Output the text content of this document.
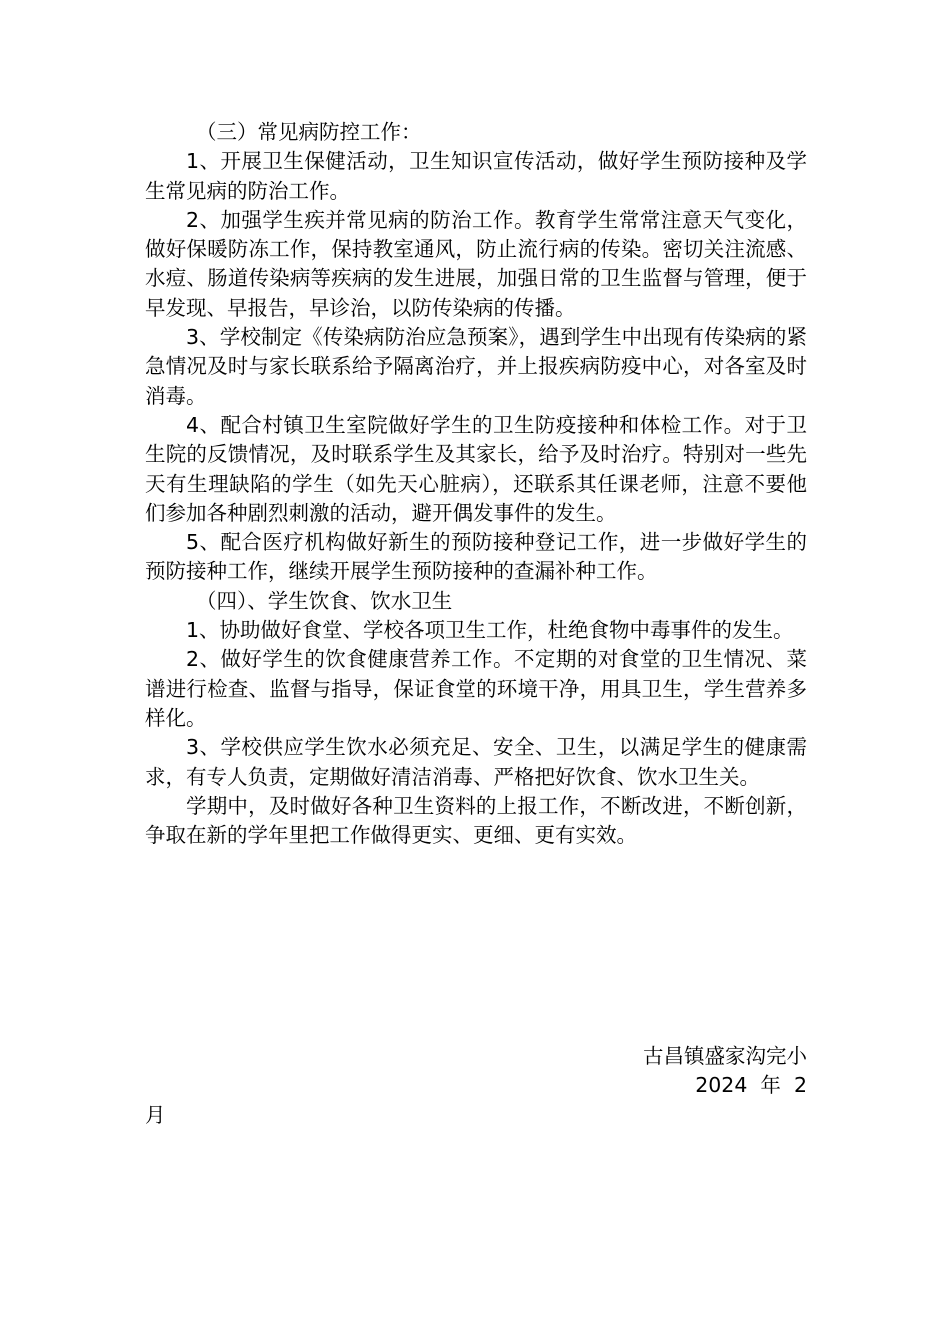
（三）常见病防控工作：

1、开展卫生保健活动，卫生知识宣传活动，做好学生预防接种及学生常见病的防治工作。

2、加强学生疾并常见病的防治工作。教育学生常常注意天气变化，做好保暖防冻工作，保持教室通风，防止流行病的传染。密切关注流感、水痘、肠道传染病等疾病的发生进展，加强日常的卫生监督与管理，便于早发现、早报告，早诊治，以防传染病的传播。

3、学校制定《传染病防治应急预案》，遇到学生中出现有传染病的紧急情况及时与家长联系给予隔离治疗，并上报疾病防疫中心，对各室及时消毒。

4、配合村镇卫生室院做好学生的卫生防疫接种和体检工作。对于卫生院的反馈情况，及时联系学生及其家长，给予及时治疗。特别对一些先天有生理缺陷的学生（如先天心脏病），还联系其任课老师，注意不要他们参加各种剧烈刺激的活动，避开偶发事件的发生。

5、配合医疗机构做好新生的预防接种登记工作，进一步做好学生的预防接种工作，继续开展学生预防接种的查漏补种工作。

（四）、学生饮食、饮水卫生

1、协助做好食堂、学校各项卫生工作，杜绝食物中毒事件的发生。

2、做好学生的饮食健康营养工作。不定期的对食堂的卫生情况、菜谱进行检查、监督与指导，保证食堂的环境干净，用具卫生，学生营养多样化。

3、学校供应学生饮水必须充足、安全、卫生，以满足学生的健康需求，有专人负责，定期做好清洁消毒、严格把好饮食、饮水卫生关。

学期中，及时做好各种卫生资料的上报工作，不断改进，不断创新，争取在新的学年里把工作做得更实、更细、更有实效。

古昌镇盛家沟完小
2024  年  2
月
